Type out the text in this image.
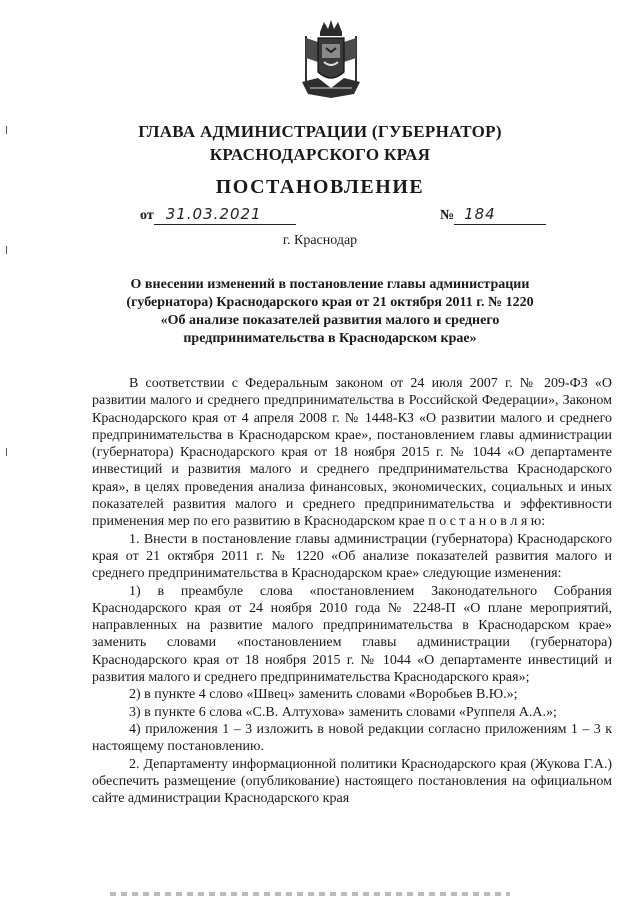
ГЛАВА АДМИНИСТРАЦИИ (ГУБЕРНАТОР)
КРАСНОДАРСКОГО КРАЯ
ПОСТАНОВЛЕНИЕ
от 31.03.2021	№ 184
г. Краснодар
О внесении изменений в постановление главы администрации (губернатора) Краснодарского края от 21 октября 2011 г. № 1220 «Об анализе показателей развития малого и среднего предпринимательства в Краснодарском крае»

В соответствии с Федеральным законом от 24 июля 2007 г. № 209-ФЗ «О развитии малого и среднего предпринимательства в Российской Федерации», Законом Краснодарского края от 4 апреля 2008 г. № 1448-КЗ «О развитии малого и среднего предпринимательства в Краснодарском крае», постановлением главы администрации (губернатора) Краснодарского края от 18 ноября 2015 г. № 1044 «О департаменте инвестиций и развития малого и среднего предпринимательства Краснодарского края», в целях проведения анализа финансовых, экономических, социальных и иных показателей развития малого и среднего предпринимательства и эффективности применения мер по его развитию в Краснодарском крае п о с т а н о в л я ю:

1. Внести в постановление главы администрации (губернатора) Краснодарского края от 21 октября 2011 г. № 1220 «Об анализе показателей развития малого и среднего предпринимательства в Краснодарском крае» следующие изменения:

1) в преамбуле слова «постановлением Законодательного Собрания Краснодарского края от 24 ноября 2010 года № 2248-П «О плане мероприятий, направленных на развитие малого предпринимательства в Краснодарском крае» заменить словами «постановлением главы администрации (губернатора) Краснодарского края от 18 ноября 2015 г. № 1044 «О департаменте инвестиций и развития малого и среднего предпринимательства Краснодарского края»;

2) в пункте 4 слово «Швец» заменить словами «Воробьев В.Ю.»;

3) в пункте 6 слова «С.В. Алтухова» заменить словами «Руппеля А.А.»;

4) приложения 1 – 3 изложить в новой редакции согласно приложениям 1 – 3 к настоящему постановлению.

2. Департаменту информационной политики Краснодарского края (Жукова Г.А.) обеспечить размещение (опубликование) настоящего постановления на официальном сайте администрации Краснодарского края
